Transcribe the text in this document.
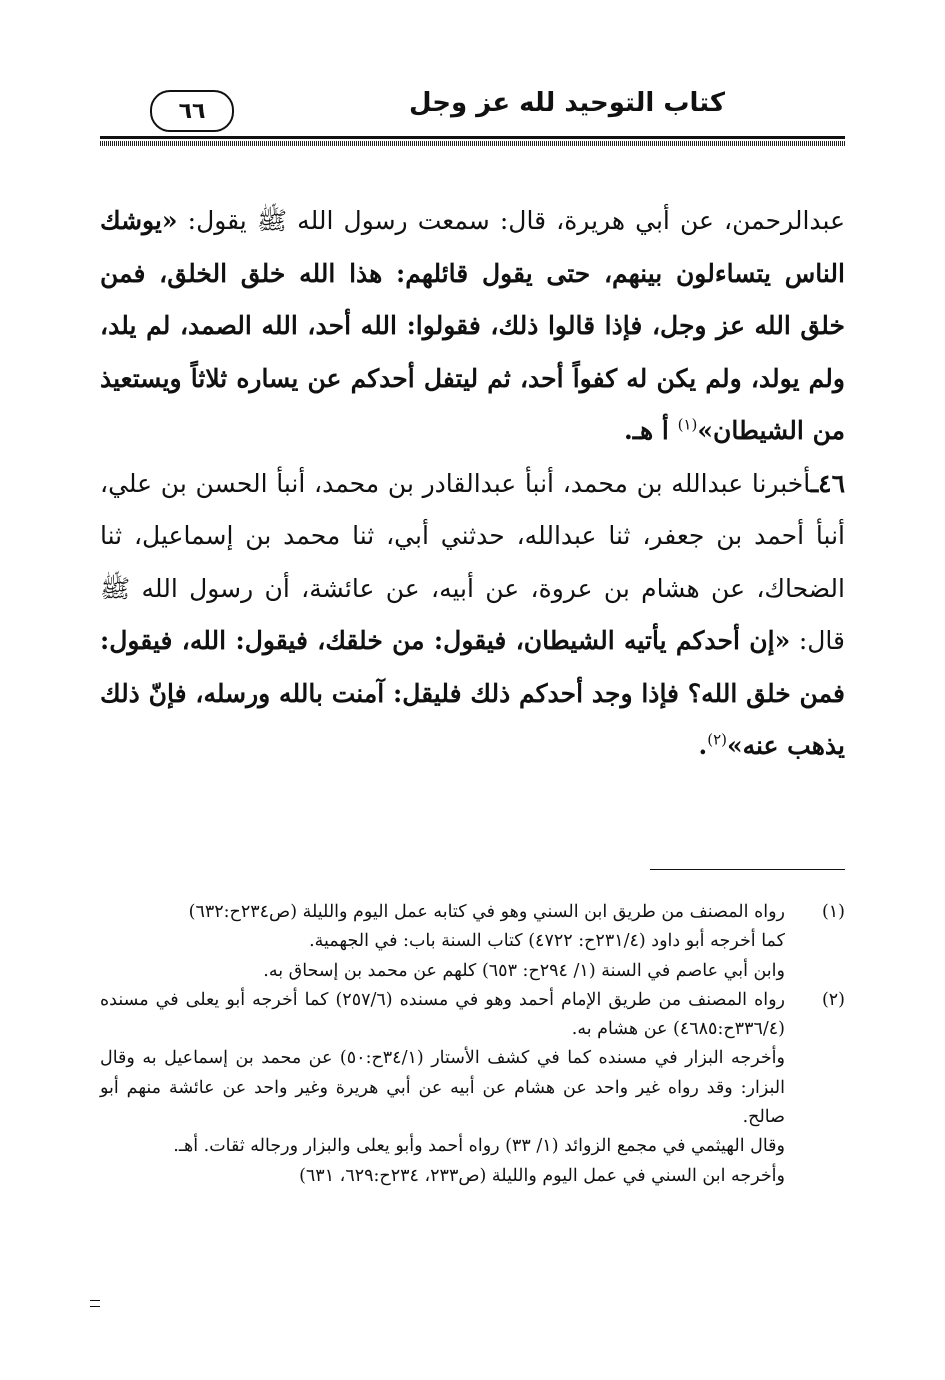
٦٦	كتاب التوحيد لله عز وجل

عبدالرحمن، عن أبي هريرة، قال: سمعت رسول الله ﷺ يقول: «يوشك الناس يتساءلون بينهم، حتى يقول قائلهم: هذا الله خلق الخلق، فمن خلق الله عز وجل، فإذا قالوا ذلك، فقولوا: الله أحد، الله الصمد، لم يلد، ولم يولد، ولم يكن له كفواً أحد، ثم ليتفل أحدكم عن يساره ثلاثاً ويستعيذ من الشيطان»$^{(١)}$ أ هـ.

٤٦ـأخبرنا عبدالله بن محمد، أنبأ عبدالقادر بن محمد، أنبأ الحسن بن علي، أنبأ أحمد بن جعفر، ثنا عبدالله، حدثني أبي، ثنا محمد بن إسماعيل، ثنا الضحاك، عن هشام بن عروة، عن أبيه، عن عائشة، أن رسول الله ﷺ قال: «إن أحدكم يأتيه الشيطان، فيقول: من خلقك، فيقول: الله، فيقول: فمن خلق الله؟ فإذا وجد أحدكم ذلك فليقل: آمنت بالله ورسله، فإنّ ذلك يذهب عنه»$^{(٢)}$.

(١)
رواه المصنف من طريق ابن السني وهو في كتابه عمل اليوم والليلة (ص٢٣٤ح:٦٣٢)
كما أخرجه أبو داود (٢٣١/٤ح: ٤٧٢٢) كتاب السنة باب: في الجهمية.
وابن أبي عاصم في السنة (١/ ٢٩٤ح: ٦٥٣) كلهم عن محمد بن إسحاق به.
(٢)
رواه المصنف من طريق الإمام أحمد وهو في مسنده (٢٥٧/٦) كما أخرجه أبو يعلى في مسنده (٣٣٦/٤ح:٤٦٨٥) عن هشام به.
وأخرجه البزار في مسنده كما في كشف الأستار (٣٤/١ح:٥٠) عن محمد بن إسماعيل به وقال البزار: وقد رواه غير واحد عن هشام عن أبيه عن أبي هريرة وغير واحد عن عائشة منهم أبو صالح.
وقال الهيثمي في مجمع الزوائد (١/ ٣٣) رواه أحمد وأبو يعلى والبزار ورجاله ثقات. أهـ.
وأخرجه ابن السني في عمل اليوم والليلة (ص٢٣٣، ٢٣٤ح:٦٢٩، ٦٣١)
